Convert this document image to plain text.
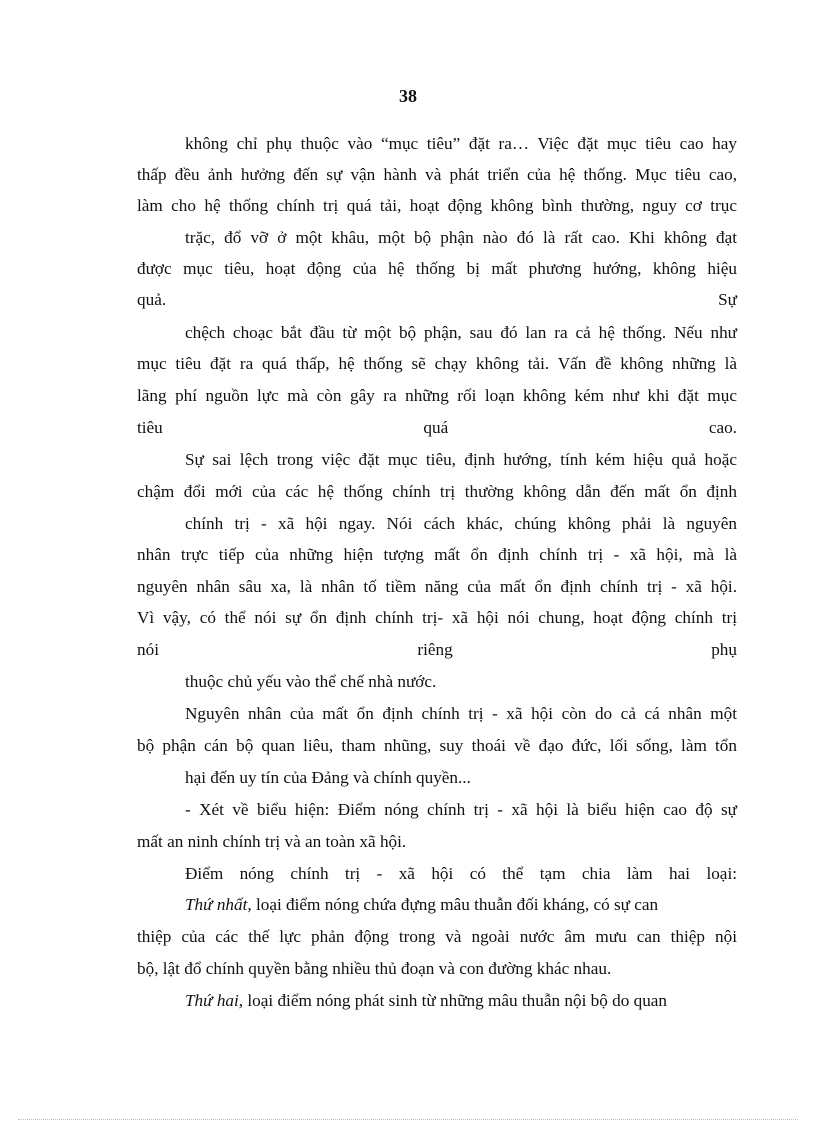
38
không chỉ phụ thuộc vào “mục tiêu” đặt ra… Việc đặt mục tiêu cao hay
thấp đều ảnh hưởng đến sự vận hành và phát triển của hệ thống. Mục tiêu cao,
làm cho hệ thống chính trị quá tải, hoạt động không bình thường, nguy cơ trục
trặc, đổ vỡ ở một khâu, một bộ phận nào đó là rất cao. Khi không đạt
được mục tiêu, hoạt động của hệ thống bị mất phương hướng, không hiệu
quả.	Sự
chệch choạc bắt đầu từ một bộ phận, sau đó lan ra cả hệ thống. Nếu như
mục tiêu đặt ra quá thấp, hệ thống sẽ chạy không tải. Vấn đề không những là
lãng phí nguồn lực mà còn gây ra những rối loạn không kém như khi đặt mục
tiêu	quá	cao.
Sự sai lệch trong việc đặt mục tiêu, định hướng, tính kém hiệu quả hoặc
chậm đổi mới của các hệ thống chính trị thường không dẫn đến mất ổn định
chính trị - xã hội ngay. Nói cách khác, chúng không phải là nguyên
nhân trực tiếp của những hiện tượng mất ổn định chính trị - xã hội, mà là
nguyên nhân sâu xa, là nhân tố tiềm năng của mất ổn định chính trị - xã hội.
Vì vậy, có thể nói sự ổn định chính trị- xã hội nói chung, hoạt động chính trị
nói	riêng	phụ
thuộc chủ yếu vào thể chế nhà nước.
Nguyên nhân của mất ổn định chính trị - xã hội còn do cả cá nhân một
bộ phận cán bộ quan liêu, tham nhũng, suy thoái về đạo đức, lối sống, làm tổn
hại đến uy tín của Đảng và chính quyền...
- Xét về biểu hiện: Điểm nóng chính trị - xã hội là biểu hiện cao độ sự
mất an ninh chính trị và an toàn xã hội.
Điểm nóng chính trị - xã hội có thể tạm chia làm hai loại:
Thứ nhất, loại điểm nóng chứa đựng mâu thuẫn đối kháng, có sự can
thiệp của các thế lực phản động trong và ngoài nước âm mưu can thiệp nội
bộ, lật đổ chính quyền bằng nhiều thủ đoạn và con đường khác nhau.
Thứ hai, loại điểm nóng phát sinh từ những mâu thuẫn nội bộ do quan
